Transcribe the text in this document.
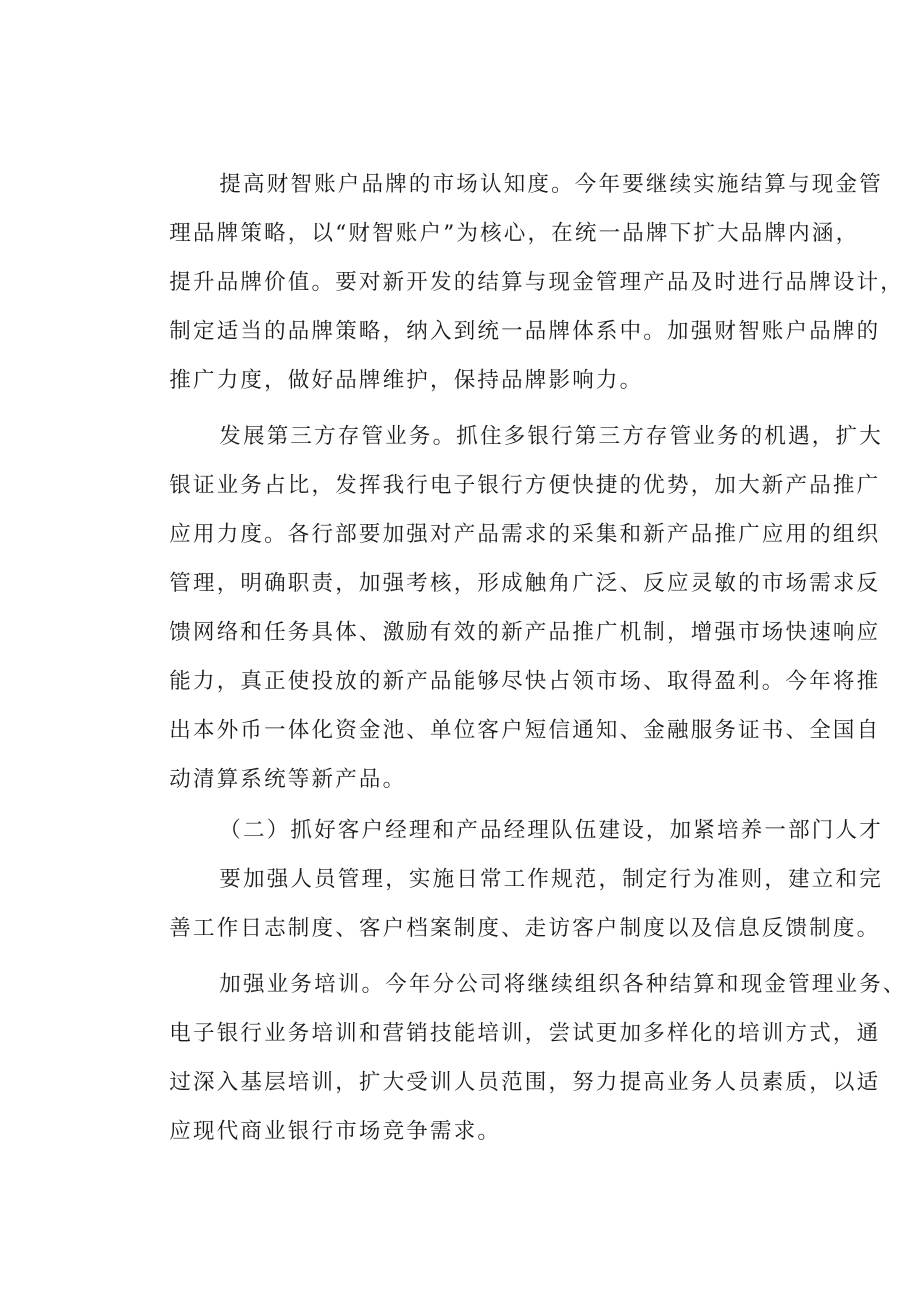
提高财智账户品牌的市场认知度。今年要继续实施结算与现金管
理品牌策略，以“财智账户”为核心，在统一品牌下扩大品牌内涵，
提升品牌价值。要对新开发的结算与现金管理产品及时进行品牌设计，
制定适当的品牌策略，纳入到统一品牌体系中。加强财智账户品牌的
推广力度，做好品牌维护，保持品牌影响力。
发展第三方存管业务。抓住多银行第三方存管业务的机遇，扩大
银证业务占比，发挥我行电子银行方便快捷的优势，加大新产品推广
应用力度。各行部要加强对产品需求的采集和新产品推广应用的组织
管理，明确职责，加强考核，形成触角广泛、反应灵敏的市场需求反
馈网络和任务具体、激励有效的新产品推广机制，增强市场快速响应
能力，真正使投放的新产品能够尽快占领市场、取得盈利。今年将推
出本外币一体化资金池、单位客户短信通知、金融服务证书、全国自
动清算系统等新产品。
（二）抓好客户经理和产品经理队伍建设，加紧培养一部门人才
要加强人员管理，实施日常工作规范，制定行为准则，建立和完
善工作日志制度、客户档案制度、走访客户制度以及信息反馈制度。
加强业务培训。今年分公司将继续组织各种结算和现金管理业务、
电子银行业务培训和营销技能培训，尝试更加多样化的培训方式，通
过深入基层培训，扩大受训人员范围，努力提高业务人员素质，以适
应现代商业银行市场竞争需求。
